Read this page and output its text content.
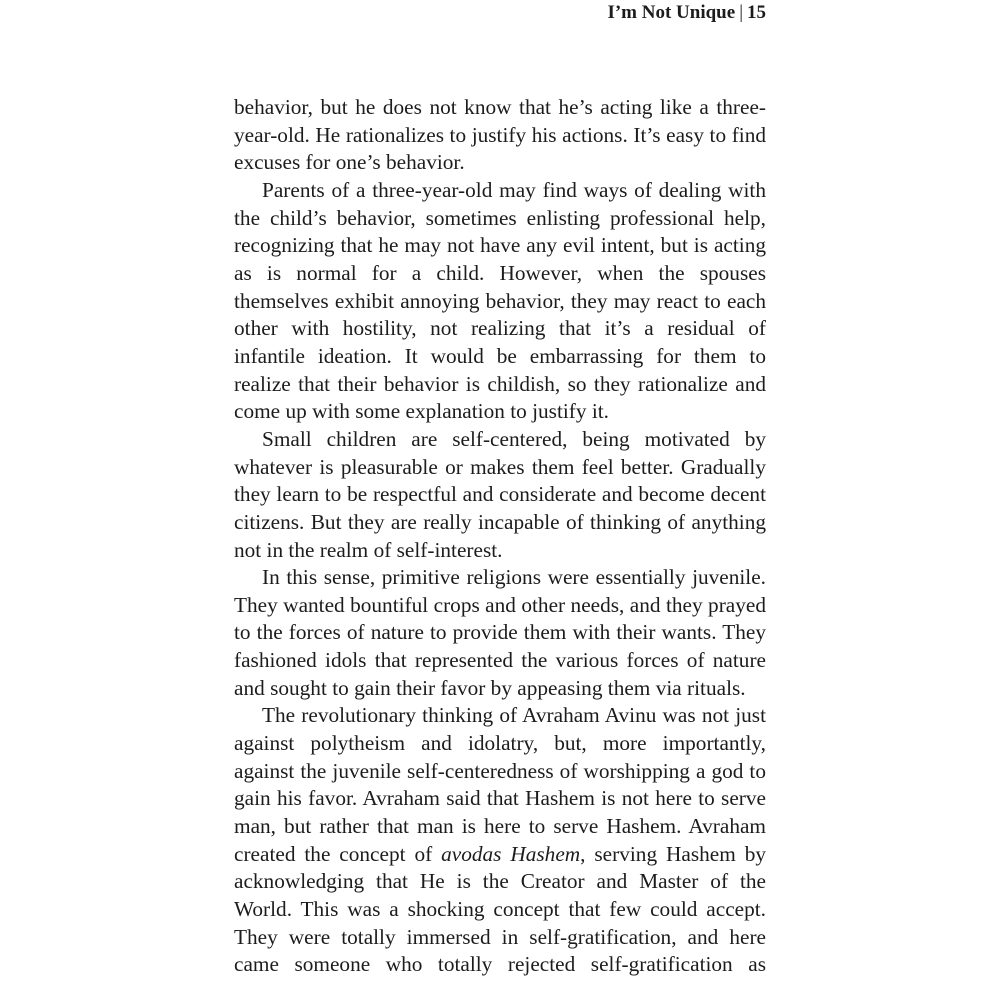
I’m Not Unique | 15

behavior, but he does not know that he’s acting like a three-year-old. He rationalizes to justify his actions. It’s easy to find excuses for one’s behavior.

Parents of a three-year-old may find ways of dealing with the child’s behavior, sometimes enlisting professional help, recognizing that he may not have any evil intent, but is acting as is normal for a child. However, when the spouses themselves exhibit annoying behavior, they may react to each other with hostility, not realizing that it’s a residual of infantile ideation. It would be embarrassing for them to realize that their behavior is childish, so they rationalize and come up with some explanation to justify it.

Small children are self-centered, being motivated by whatever is pleasurable or makes them feel better. Gradually they learn to be respectful and considerate and become decent citizens. But they are really incapable of thinking of anything not in the realm of self-interest.

In this sense, primitive religions were essentially juvenile. They wanted bountiful crops and other needs, and they prayed to the forces of nature to provide them with their wants. They fashioned idols that represented the various forces of nature and sought to gain their favor by appeasing them via rituals.

The revolutionary thinking of Avraham Avinu was not just against polytheism and idolatry, but, more importantly, against the juvenile self-centeredness of worshipping a god to gain his favor. Avraham said that Hashem is not here to serve man, but rather that man is here to serve Hashem. Avraham created the concept of avodas Hashem, serving Hashem by acknowledging that He is the Creator and Master of the World. This was a shocking concept that few could accept. They were totally immersed in self-gratification, and here came someone who totally rejected self-gratification as
